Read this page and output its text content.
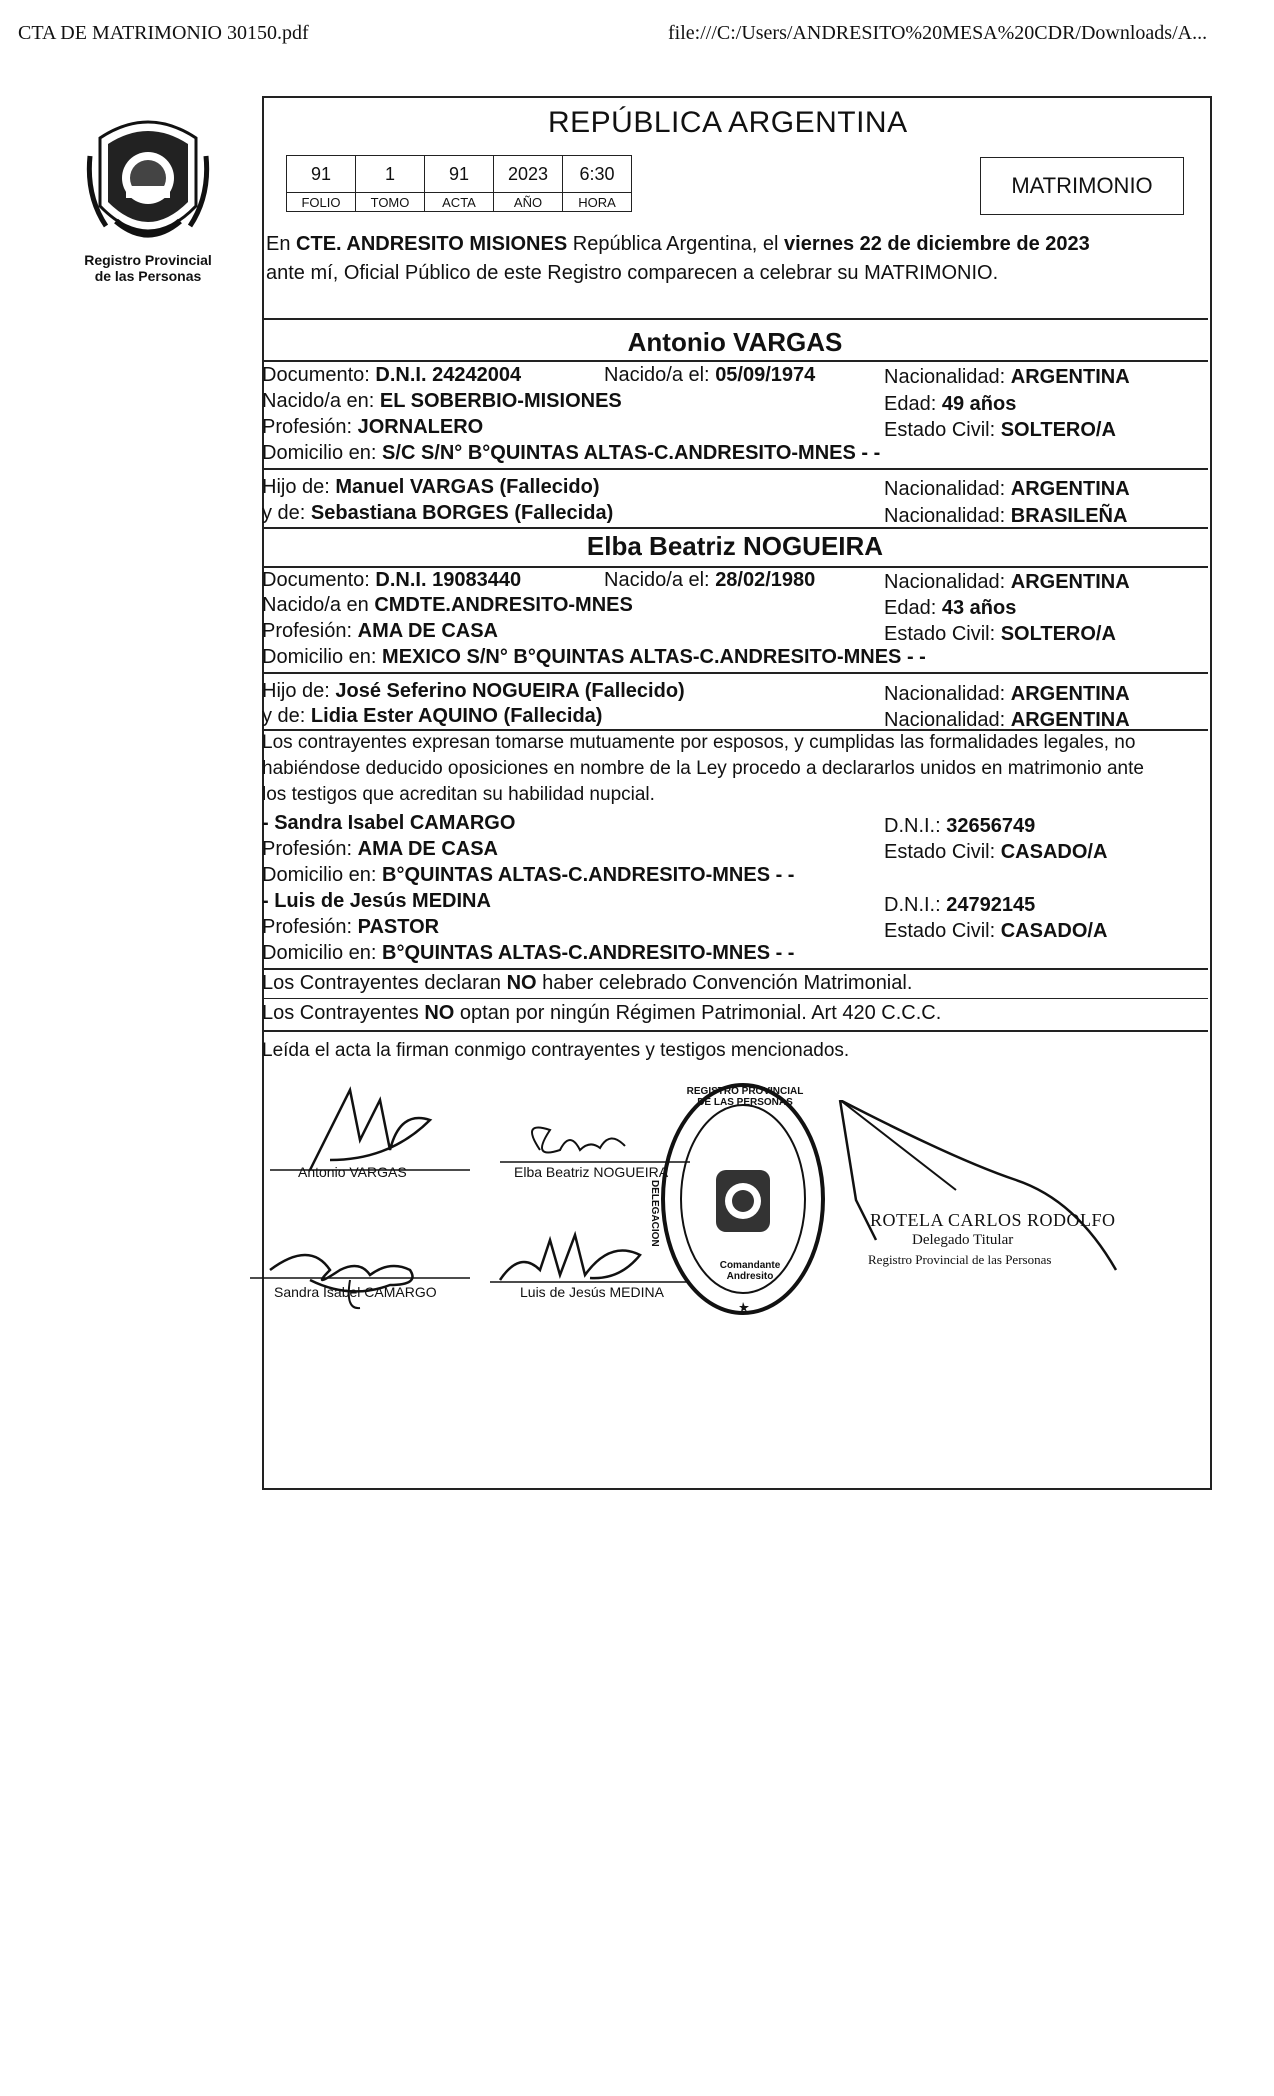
CTA DE MATRIMONIO 30150.pdf	file:///C:/Users/ANDRESITO%20MESA%20CDR/Downloads/A...
Registro Provincial
de las Personas
REPÚBLICA ARGENTINA
91	1	91	2023	6:30
FOLIO	TOMO	ACTA	AÑO	HORA
MATRIMONIO
En CTE. ANDRESITO MISIONES República Argentina, el viernes 22 de diciembre de 2023
ante mí, Oficial Público de este Registro comparecen a celebrar su MATRIMONIO.
Antonio VARGAS
Documento: D.N.I. 24242004	Nacido/a el: 05/09/1974	Nacionalidad: ARGENTINA
Nacido/a en: EL SOBERBIO-MISIONES	Edad: 49 años
Profesión: JORNALERO	Estado Civil: SOLTERO/A
Domicilio en: S/C S/N° B°QUINTAS ALTAS-C.ANDRESITO-MNES - -
Hijo de: Manuel VARGAS (Fallecido)	Nacionalidad: ARGENTINA
y de: Sebastiana BORGES (Fallecida)	Nacionalidad: BRASILEÑA
Elba Beatriz NOGUEIRA
Documento: D.N.I. 19083440	Nacido/a el: 28/02/1980	Nacionalidad: ARGENTINA
Nacido/a en CMDTE.ANDRESITO-MNES	Edad: 43 años
Profesión: AMA DE CASA	Estado Civil: SOLTERO/A
Domicilio en: MEXICO S/N° B°QUINTAS ALTAS-C.ANDRESITO-MNES - -
Hijo de: José Seferino NOGUEIRA (Fallecido)	Nacionalidad: ARGENTINA
y de: Lidia Ester AQUINO (Fallecida)	Nacionalidad: ARGENTINA
Los contrayentes expresan tomarse mutuamente por esposos, y cumplidas las formalidades legales, no
habiéndose deducido oposiciones en nombre de la Ley procedo a declararlos unidos en matrimonio ante
los testigos que acreditan su habilidad nupcial.
- Sandra Isabel CAMARGO	D.N.I.: 32656749
Profesión: AMA DE CASA	Estado Civil: CASADO/A
Domicilio en: B°QUINTAS ALTAS-C.ANDRESITO-MNES - -
- Luis de Jesús MEDINA	D.N.I.: 24792145
Profesión: PASTOR	Estado Civil: CASADO/A
Domicilio en: B°QUINTAS ALTAS-C.ANDRESITO-MNES - -
Los Contrayentes declaran NO haber celebrado Convención Matrimonial.
Los Contrayentes NO optan por ningún Régimen Patrimonial. Art 420 C.C.C.
Leída el acta la firman conmigo contrayentes y testigos mencionados.
Antonio VARGAS	Elba Beatriz NOGUEIRA
Sandra Isabel CAMARGO	Luis de Jesús MEDINA
REGISTRO PROVINCIAL DE LAS PERSONAS
DELEGACION
Comandante Andresito
ROTELA CARLOS RODOLFO
Delegado Titular
Registro Provincial de las Personas
